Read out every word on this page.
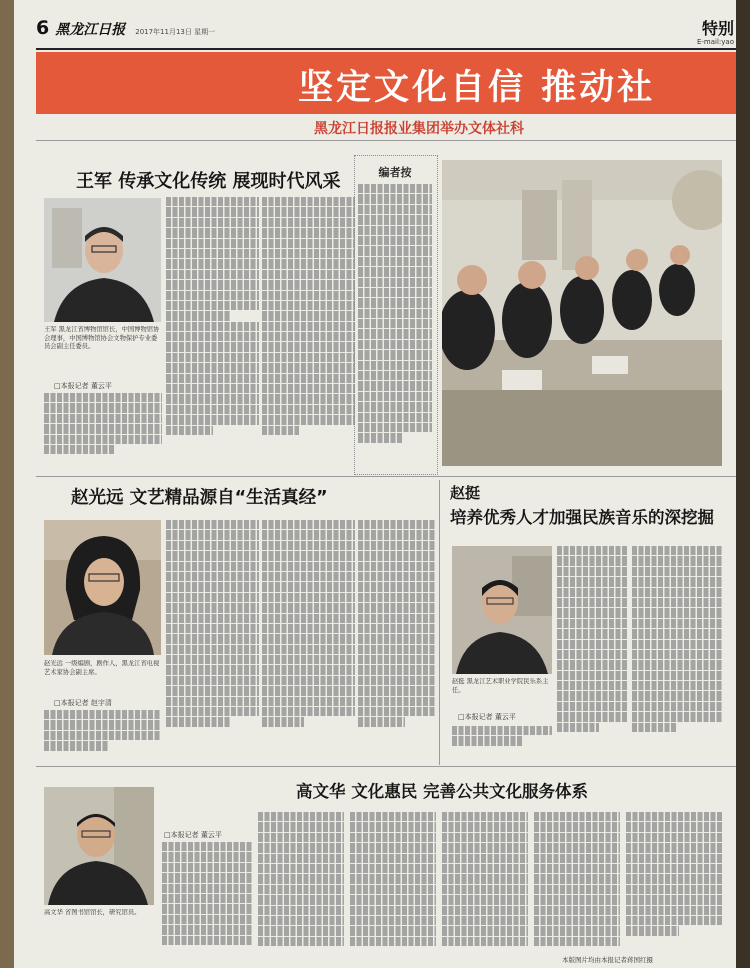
6 黑龙江日报 2017年11月13日 星期一	特别
E-mail:yao
坚定文化自信 推动社
黑龙江日报报业集团举办文体社科
王军 传承文化传统 展现时代风采
王军 黑龙江省博物馆馆长，中国博物馆协会理事，中国博物馆协会文物保护专业委员会副主任委员。
□本报记者 董云平
编者按
赵光远 文艺精品源自“生活真经”
赵光远 一级编剧，剧作人，黑龙江省电视艺术家协会副主席。
□本报记者 赵宇清
赵挺
培养优秀人才加强民族音乐的深挖掘
赵挺 黑龙江艺术职业学院民乐系主任。
□本报记者 董云平
高文华 文化惠民 完善公共文化服务体系
高文华 省图书馆馆长，研究馆员。
□本报记者 董云平
本版图片均由本报记者蒋国红摄
